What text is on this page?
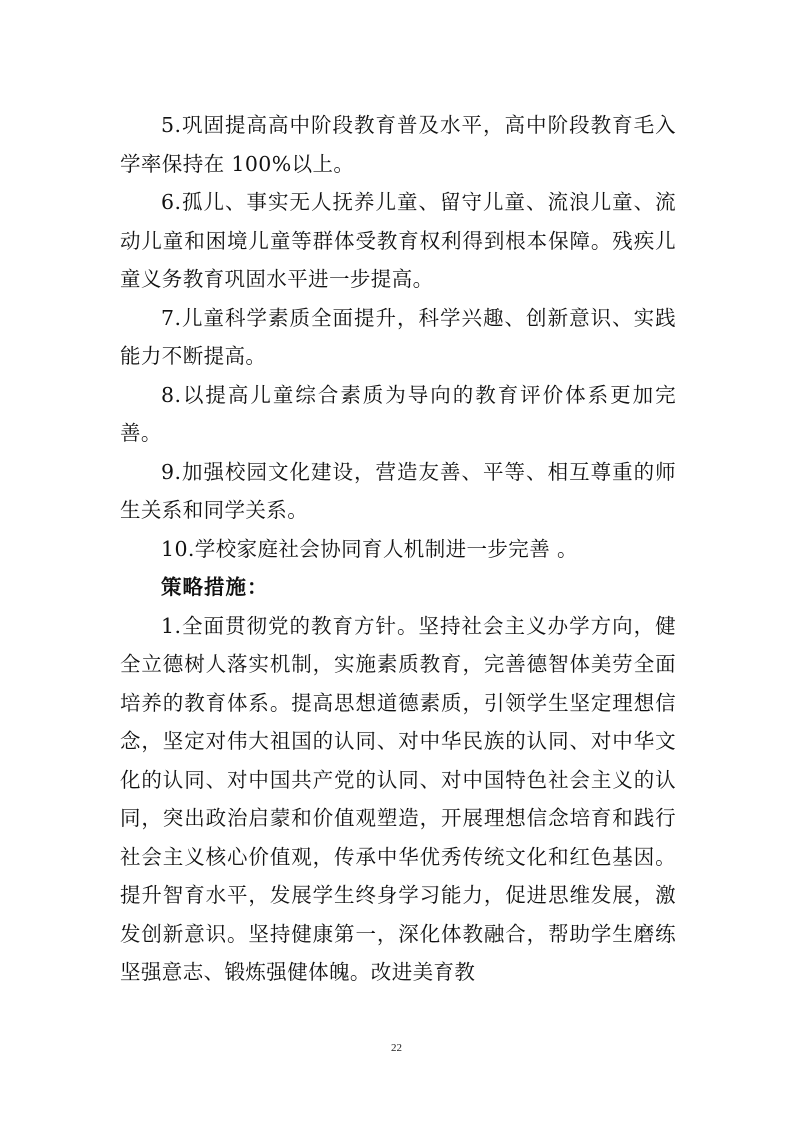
5.巩固提高高中阶段教育普及水平，高中阶段教育毛入学率保持在 100%以上。

6.孤儿、事实无人抚养儿童、留守儿童、流浪儿童、流动儿童和困境儿童等群体受教育权利得到根本保障。残疾儿童义务教育巩固水平进一步提高。

7.儿童科学素质全面提升，科学兴趣、创新意识、实践能力不断提高。

8.以提高儿童综合素质为导向的教育评价体系更加完善。

9.加强校园文化建设，营造友善、平等、相互尊重的师生关系和同学关系。

10.学校家庭社会协同育人机制进一步完善 。

策略措施：

1.全面贯彻党的教育方针。坚持社会主义办学方向，健全立德树人落实机制，实施素质教育，完善德智体美劳全面培养的教育体系。提高思想道德素质，引领学生坚定理想信念，坚定对伟大祖国的认同、对中华民族的认同、对中华文化的认同、对中国共产党的认同、对中国特色社会主义的认同，突出政治启蒙和价值观塑造，开展理想信念培育和践行社会主义核心价值观，传承中华优秀传统文化和红色基因。提升智育水平，发展学生终身学习能力，促进思维发展，激发创新意识。坚持健康第一，深化体教融合，帮助学生磨练坚强意志、锻炼强健体魄。改进美育教

22
